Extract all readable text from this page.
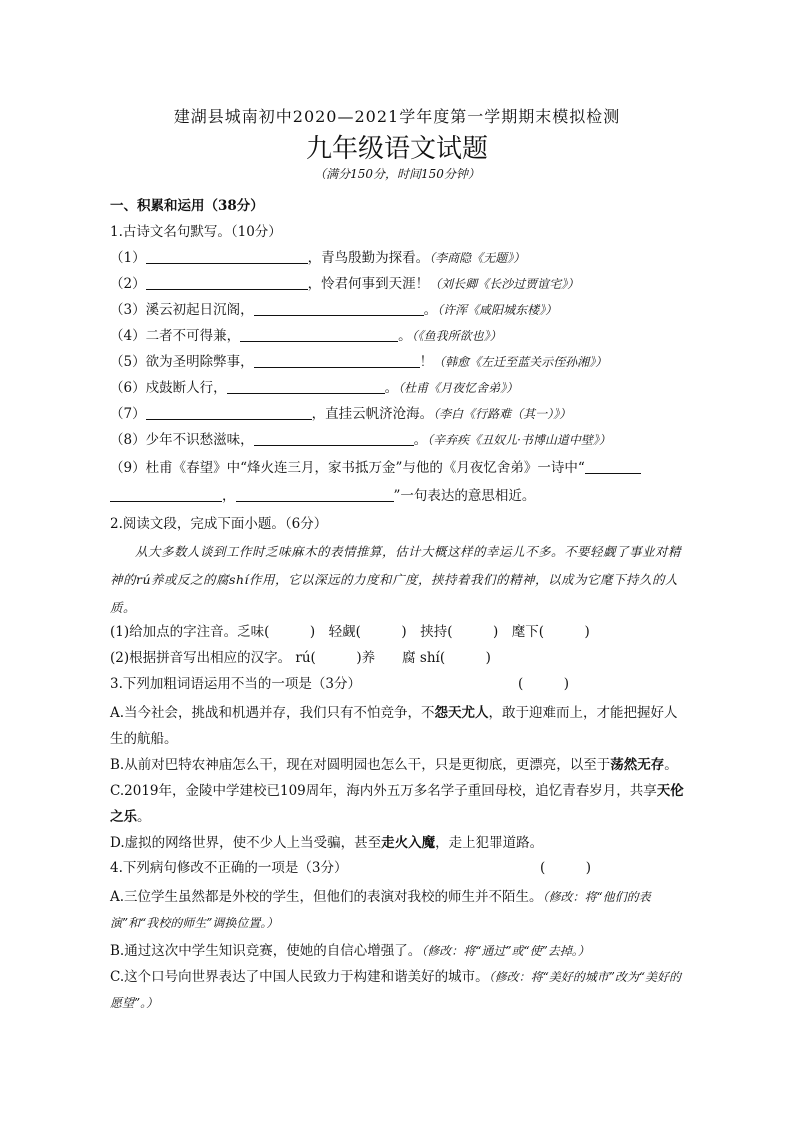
建湖县城南初中2020—2021学年度第一学期期末模拟检测
九年级语文试题
（满分150分，时间150分钟）
一、积累和运用（38分）
1.古诗文名句默写。（10分）
（1）	，青鸟殷勤为探看。（李商隐《无题》）
（2）	，怜君何事到天涯！（刘长卿《长沙过贾谊宅》）
（3）溪云初起日沉阁，	。（许浑《咸阳城东楼》）
（4）二者不可得兼，	。（《鱼我所欲也》）
（5）欲为圣明除弊事，	！（韩愈《左迁至蓝关示侄孙湘》）
（6）戍鼓断人行，	。（杜甫《月夜忆舍弟》）
（7）	，直挂云帆济沧海。（李白《行路难（其一）》）
（8）少年不识愁滋味，	。（辛弃疾《丑奴儿·书博山道中壁》）
（9）杜甫《春望》中“烽火连三月，家书抵万金”与他的《月夜忆舍弟》一诗中“
，	”一句表达的意思相近。
2.阅读文段，完成下面小题。（6分）
从大多数人谈到工作时乏味麻木的表情推算，估计大概这样的幸运儿不多。不要轻觑了事业对精神的rú养或反之的腐shí作用，它以深远的力度和广度，挟持着我们的精神，以成为它麾下持久的人质。
(1)给加点的字注音。乏味(　　　)　轻觑(　　　)　挟持(　　　)　麾下(　　　)
(2)根据拼音写出相应的汉字。 rú(　　　)养　　腐 shí(　　　)
3.下列加粗词语运用不当的一项是（3分）	(　　　)
A.当今社会，挑战和机遇并存，我们只有不怕竞争，不怨天尤人，敢于迎难而上，才能把握好人生的航船。
B.从前对巴特农神庙怎么干，现在对圆明园也怎么干，只是更彻底，更漂亮，以至于荡然无存。
C.2019年，金陵中学建校已109周年，海内外五万多名学子重回母校，追忆青春岁月，共享天伦之乐。
D.虚拟的网络世界，使不少人上当受骗，甚至走火入魔，走上犯罪道路。
4.下列病句修改不正确的一项是（3分）	(　　　)
A.三位学生虽然都是外校的学生，但他们的表演对我校的师生并不陌生。（修改：将“他们的表演”和“我校的师生”调换位置。）
B.通过这次中学生知识竞赛，使她的自信心增强了。（修改：将“通过”或“使”去掉。）
C.这个口号向世界表达了中国人民致力于构建和谐美好的城市。（修改：将“美好的城市”改为“美好的愿望”。）
